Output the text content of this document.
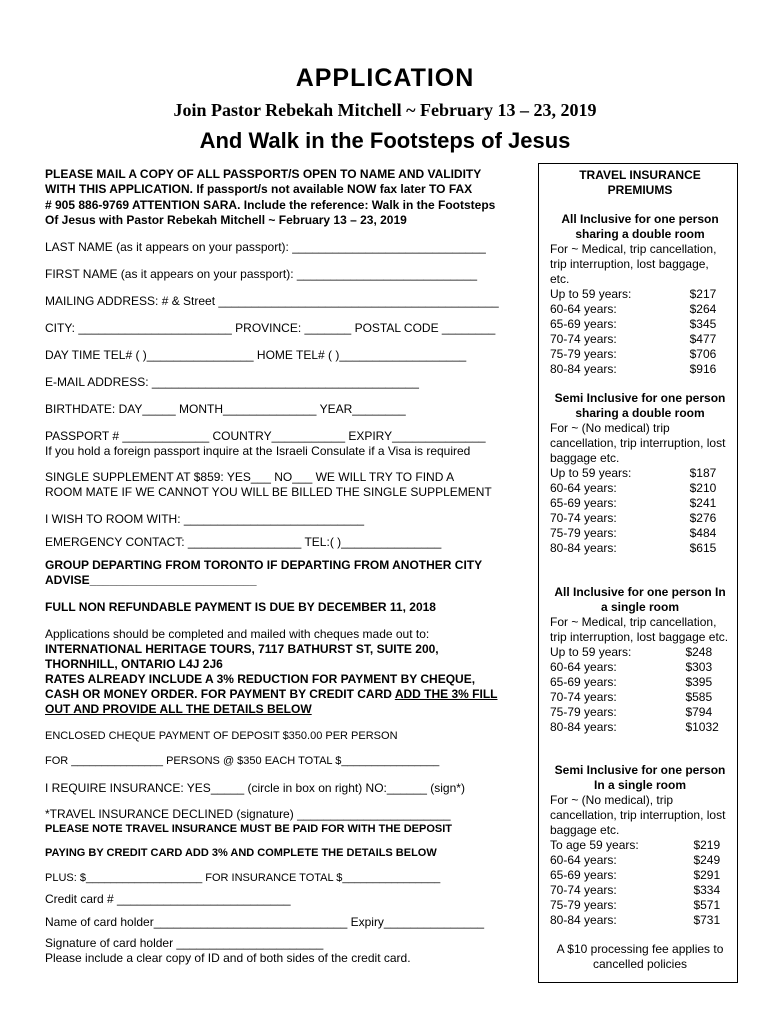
APPLICATION
Join Pastor Rebekah Mitchell ~ February 13 – 23, 2019
And Walk in the Footsteps of Jesus
PLEASE MAIL A COPY OF ALL PASSPORT/S OPEN TO NAME AND VALIDITY
WITH THIS APPLICATION. If passport/s not available NOW fax later TO FAX
# 905 886-9769 ATTENTION SARA. Include the reference: Walk in the Footsteps
Of Jesus with Pastor Rebekah Mitchell ~ February 13 – 23, 2019
LAST NAME (as it appears on your passport): _____________________________
FIRST NAME (as it appears on your passport): ___________________________
MAILING ADDRESS: # & Street __________________________________________
CITY: _______________________ PROVINCE: _______ POSTAL CODE ________
DAY TIME TEL# ( )________________ HOME TEL# ( )___________________
E-MAIL ADDRESS: ________________________________________
BIRTHDATE: DAY_____ MONTH______________ YEAR________
PASSPORT # _____________ COUNTRY___________ EXPIRY______________
If you hold a foreign passport inquire at the Israeli Consulate if a Visa is required
SINGLE SUPPLEMENT AT $859: YES___ NO___ WE WILL TRY TO FIND A
ROOM MATE IF WE CANNOT YOU WILL BE BILLED THE SINGLE SUPPLEMENT
I WISH TO ROOM WITH: ___________________________
EMERGENCY CONTACT: _________________ TEL:( )_______________
GROUP DEPARTING FROM TORONTO IF DEPARTING FROM ANOTHER CITY
ADVISE_________________________
FULL NON REFUNDABLE PAYMENT IS DUE BY DECEMBER 11, 2018
Applications should be completed and mailed with cheques made out to:
INTERNATIONAL HERITAGE TOURS, 7117 BATHURST ST, SUITE 200,
THORNHILL, ONTARIO L4J 2J6
RATES ALREADY INCLUDE A 3% REDUCTION FOR PAYMENT BY CHEQUE,
CASH OR MONEY ORDER. FOR PAYMENT BY CREDIT CARD ADD THE 3% FILL
OUT AND PROVIDE ALL THE DETAILS BELOW
ENCLOSED CHEQUE PAYMENT OF DEPOSIT $350.00 PER PERSON
FOR _______________ PERSONS @ $350 EACH TOTAL $________________
I REQUIRE INSURANCE: YES_____ (circle in box on right) NO:______ (sign*)
*TRAVEL INSURANCE DECLINED (signature) _______________________
PLEASE NOTE TRAVEL INSURANCE MUST BE PAID FOR WITH THE DEPOSIT
PAYING BY CREDIT CARD ADD 3% AND COMPLETE THE DETAILS BELOW
PLUS: $___________________ FOR INSURANCE TOTAL $________________
Credit card # __________________________
Name of card holder_____________________________ Expiry_______________
Signature of card holder ______________________
Please include a clear copy of ID and of both sides of the credit card.
TRAVEL INSURANCE PREMIUMS
All Inclusive for one person sharing a double room
For ~ Medical, trip cancellation, trip interruption, lost baggage, etc.
Up to 59 years:	$217
60-64 years:	$264
65-69 years:	$345
70-74 years:	$477
75-79 years:	$706
80-84 years:	$916
Semi Inclusive for one person sharing a double room
For ~ (No medical) trip cancellation, trip interruption, lost baggage etc.
Up to 59 years:	$187
60-64 years:	$210
65-69 years:	$241
70-74 years:	$276
75-79 years:	$484
80-84 years:	$615
All Inclusive for one person In a single room
For ~ Medical, trip cancellation, trip interruption, lost baggage etc.
Up to 59 years:	$248
60-64 years:	$303
65-69 years:	$395
70-74 years:	$585
75-79 years:	$794
80-84 years:	$1032
Semi Inclusive for one person In a single room
For ~ (No medical), trip cancellation, trip interruption, lost baggage etc.
To age 59 years:	$219
60-64 years:	$249
65-69 years:	$291
70-74 years:	$334
75-79 years:	$571
80-84 years:	$731
A $10 processing fee applies to cancelled policies
